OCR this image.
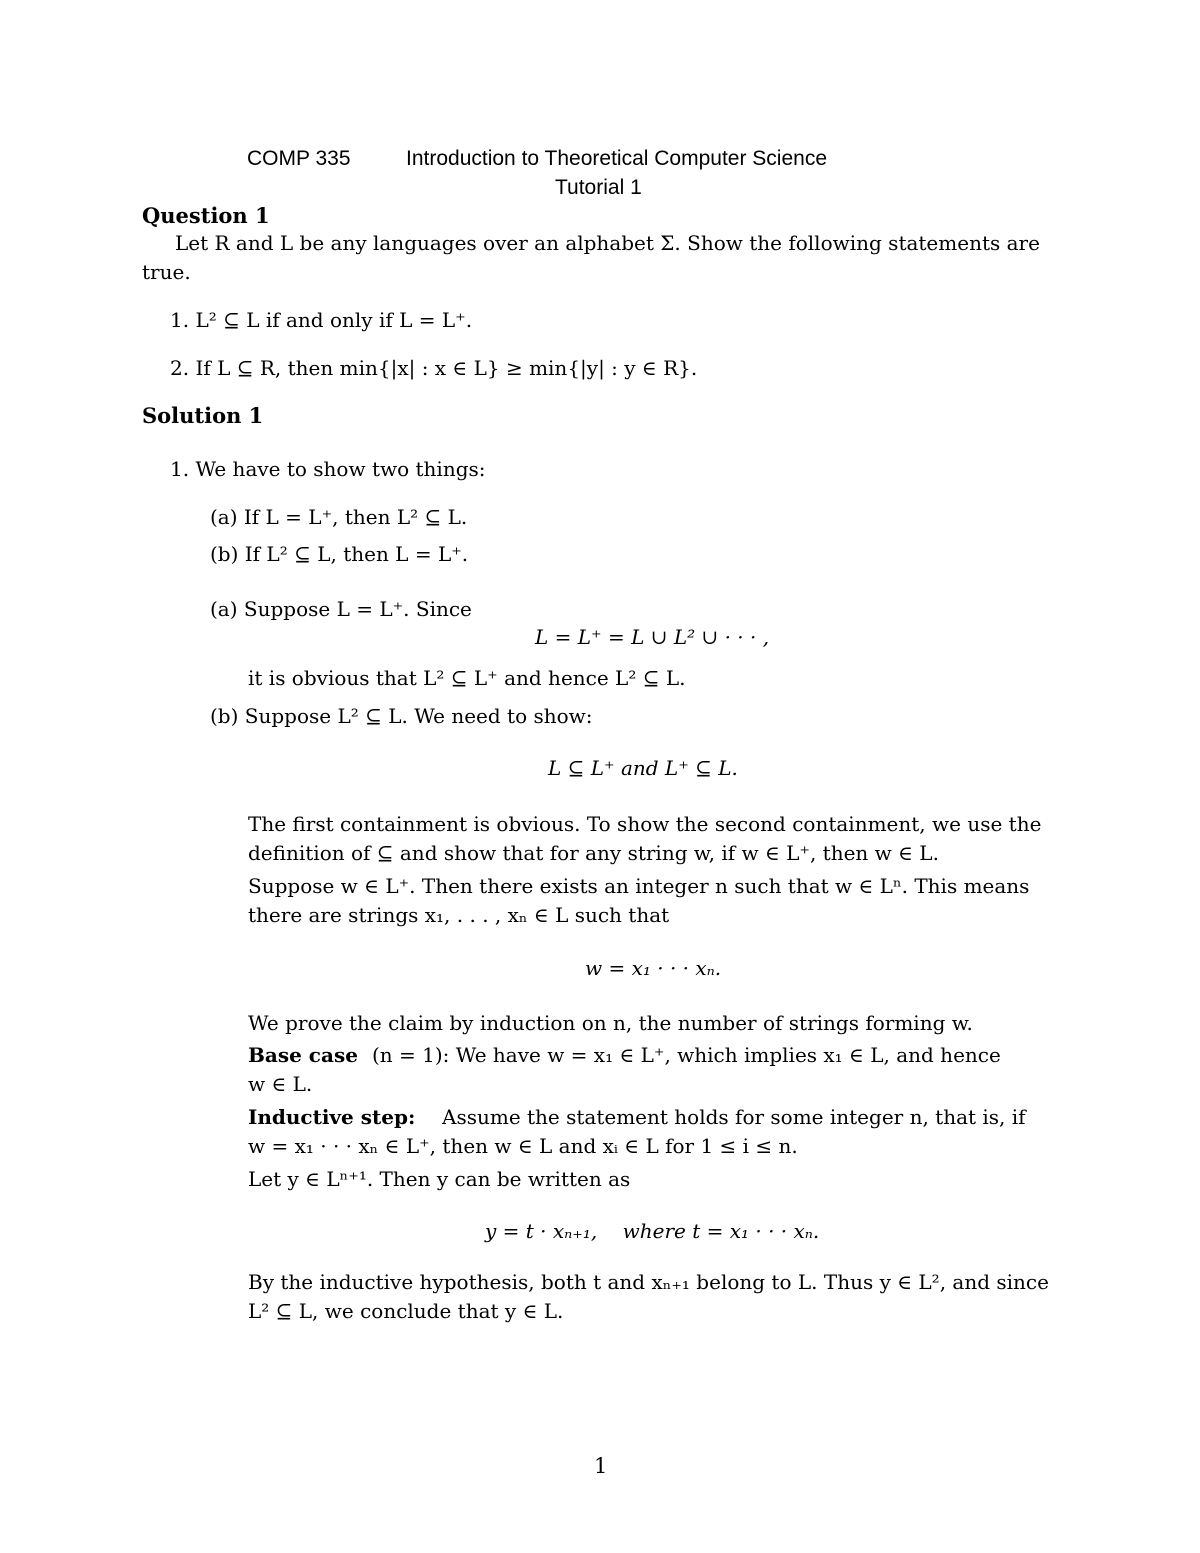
COMP 335	Introduction to Theoretical Computer Science
Tutorial 1
Question 1
Let R and L be any languages over an alphabet Σ. Show the following statements are
true.
1. L² ⊆ L if and only if L = L⁺.
2. If L ⊆ R, then min{|x| : x ∈ L} ≥ min{|y| : y ∈ R}.
Solution 1
1. We have to show two things:
(a) If L = L⁺, then L² ⊆ L.
(b) If L² ⊆ L, then L = L⁺.
(a) Suppose L = L⁺. Since
L = L⁺ = L ∪ L² ∪ · · · ,
it is obvious that L² ⊆ L⁺ and hence L² ⊆ L.
(b) Suppose L² ⊆ L. We need to show:
L ⊆ L⁺ and L⁺ ⊆ L.
The first containment is obvious. To show the second containment, we use the
definition of ⊆ and show that for any string w, if w ∈ L⁺, then w ∈ L.
Suppose w ∈ L⁺. Then there exists an integer n such that w ∈ Lⁿ. This means
there are strings x₁, . . . , xₙ ∈ L such that
w = x₁ · · · xₙ.
We prove the claim by induction on n, the number of strings forming w.
Base case (n = 1): We have w = x₁ ∈ L⁺, which implies x₁ ∈ L, and hence
w ∈ L.
Inductive step: Assume the statement holds for some integer n, that is, if
w = x₁ · · · xₙ ∈ L⁺, then w ∈ L and xᵢ ∈ L for 1 ≤ i ≤ n.
Let y ∈ Lⁿ⁺¹. Then y can be written as
y = t · xₙ₊₁,    where t = x₁ · · · xₙ.
By the inductive hypothesis, both t and xₙ₊₁ belong to L. Thus y ∈ L², and since
L² ⊆ L, we conclude that y ∈ L.
1
